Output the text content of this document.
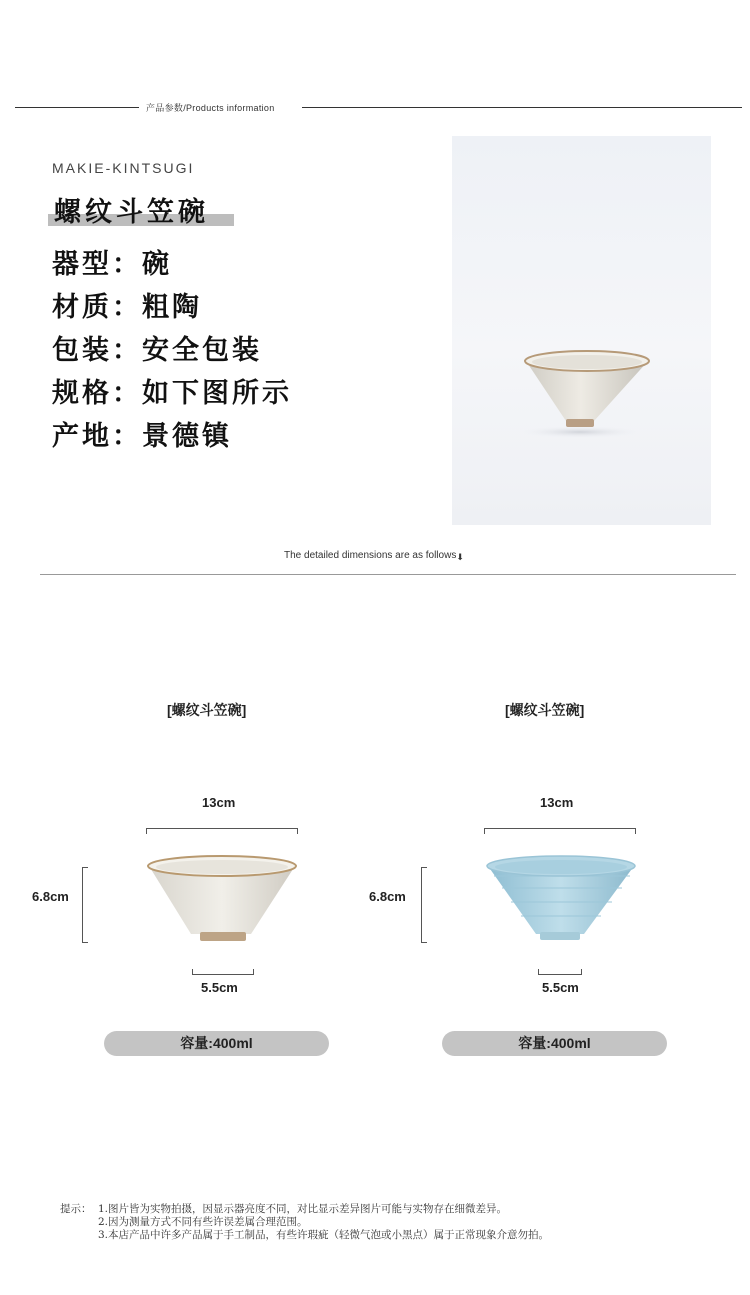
产品参数/Products information
MAKIE-KINTSUGI
螺纹斗笠碗
器型：碗
材质：粗陶
包装：安全包装
规格：如下图所示
产地：景德镇
The detailed dimensions are as follows⬇
[螺纹斗笠碗]
13cm
6.8cm
5.5cm
容量:400ml
[螺纹斗笠碗]
13cm
6.8cm
5.5cm
容量:400ml
提示： 1.图片皆为实物拍摄，因显示器亮度不同，对比显示差异图片可能与实物存在细微差异。
2.因为测量方式不同有些许误差属合理范围。
3.本店产品中许多产品属于手工制品，有些许瑕疵（轻微气泡或小黑点）属于正常现象介意勿拍。
